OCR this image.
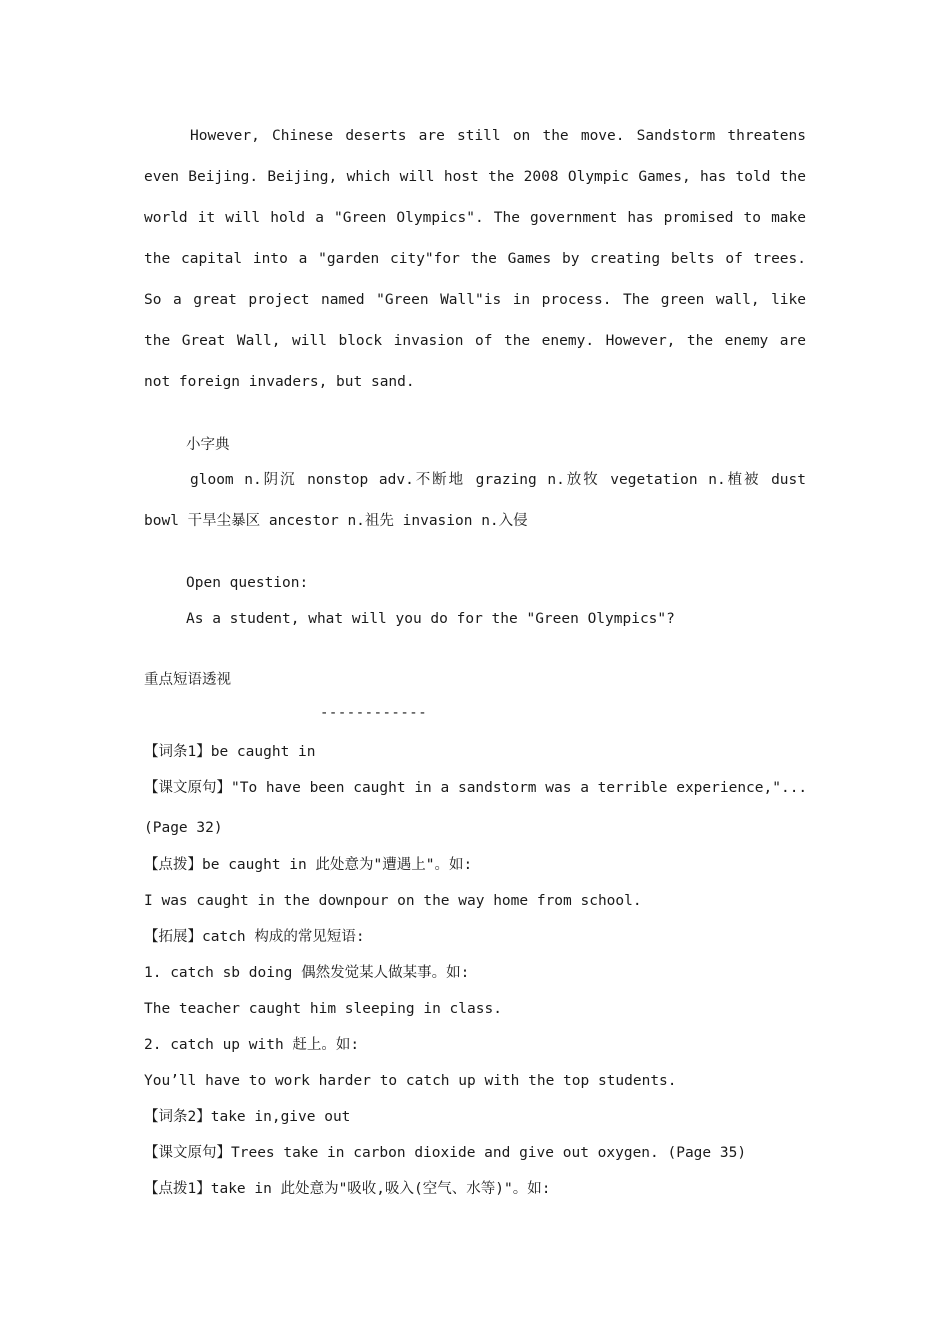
However, Chinese deserts are still on the move. Sandstorm threatens even Beijing. Beijing, which will host the 2008 Olympic Games, has told the world it will hold a "Green Olympics". The government has promised to make the capital into a "garden city"for the Games by creating belts of trees. So a great project named "Green Wall"is in process. The green wall, like the Great Wall, will block invasion of the enemy. However, the enemy are not foreign invaders, but sand.

小字典

gloom n.阴沉 nonstop adv.不断地 grazing n.放牧 vegetation n.植被 dust bowl 干旱尘暴区 ancestor n.祖先 invasion n.入侵

Open question:

As a student, what will you do for the "Green Olympics"?

重点短语透视

------------

【词条1】be caught in

【课文原句】"To have been caught in a sandstorm was a terrible experience,"...

(Page 32)

【点拨】be caught in 此处意为"遭遇上"。如:

I was caught in the downpour on the way home from school.

【拓展】catch 构成的常见短语:

1. catch sb doing 偶然发觉某人做某事。如:

The teacher caught him sleeping in class.

2. catch up with 赶上。如:

You’ll have to work harder to catch up with the top students.

【词条2】take in,give out

【课文原句】Trees take in carbon dioxide and give out oxygen. (Page 35)

【点拨1】take in 此处意为"吸收,吸入(空气、水等)"。如:
